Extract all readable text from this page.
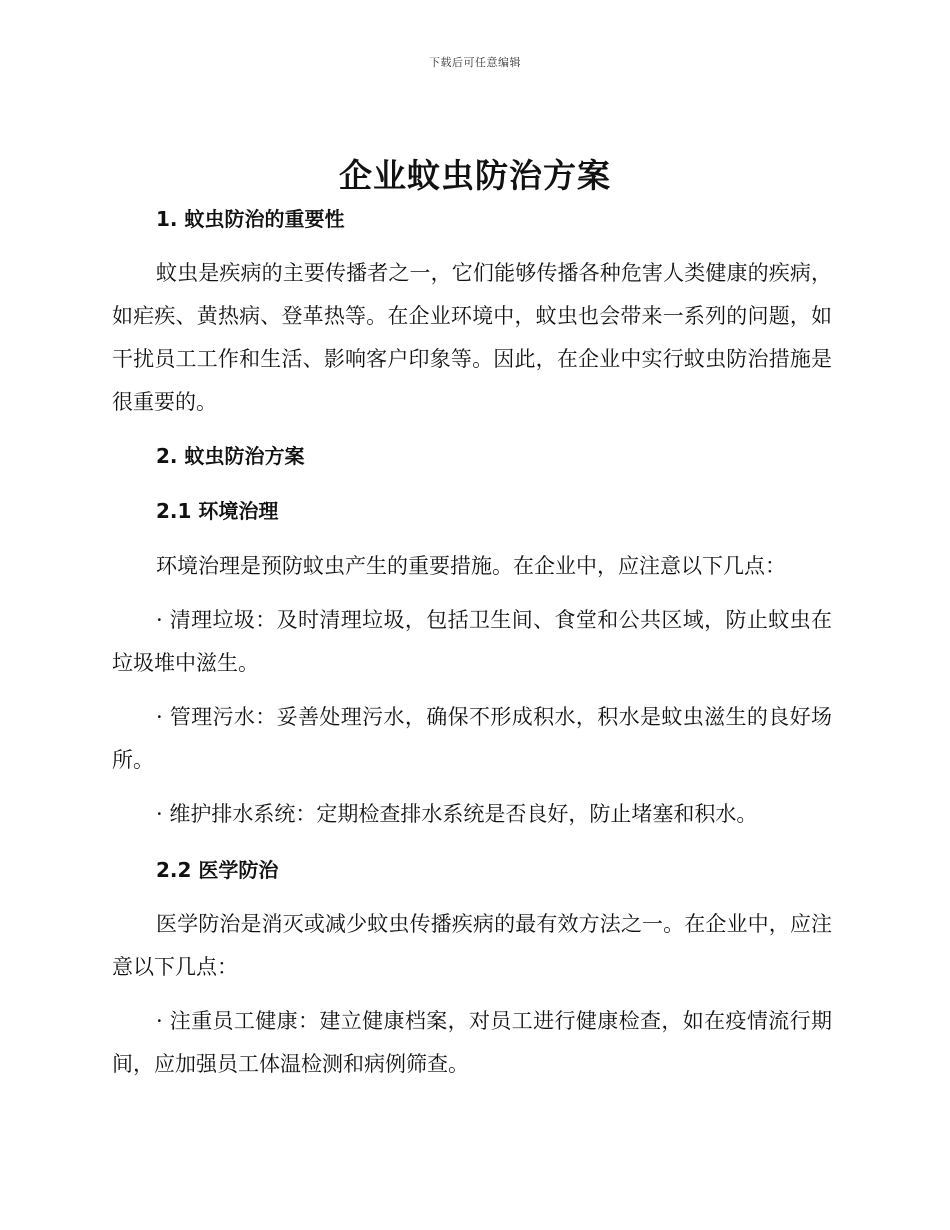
下载后可任意编辑
企业蚊虫防治方案
1. 蚊虫防治的重要性

蚊虫是疾病的主要传播者之一，它们能够传播各种危害人类健康的疾病，如疟疾、黄热病、登革热等。在企业环境中，蚊虫也会带来一系列的问题，如干扰员工工作和生活、影响客户印象等。因此，在企业中实行蚊虫防治措施是很重要的。

2. 蚊虫防治方案
2.1 环境治理

环境治理是预防蚊虫产生的重要措施。在企业中，应注意以下几点：

· 清理垃圾：及时清理垃圾，包括卫生间、食堂和公共区域，防止蚊虫在垃圾堆中滋生。

· 管理污水：妥善处理污水，确保不形成积水，积水是蚊虫滋生的良好场所。

· 维护排水系统：定期检查排水系统是否良好，防止堵塞和积水。

2.2 医学防治

医学防治是消灭或减少蚊虫传播疾病的最有效方法之一。在企业中，应注意以下几点：

· 注重员工健康：建立健康档案，对员工进行健康检查，如在疫情流行期间，应加强员工体温检测和病例筛查。
